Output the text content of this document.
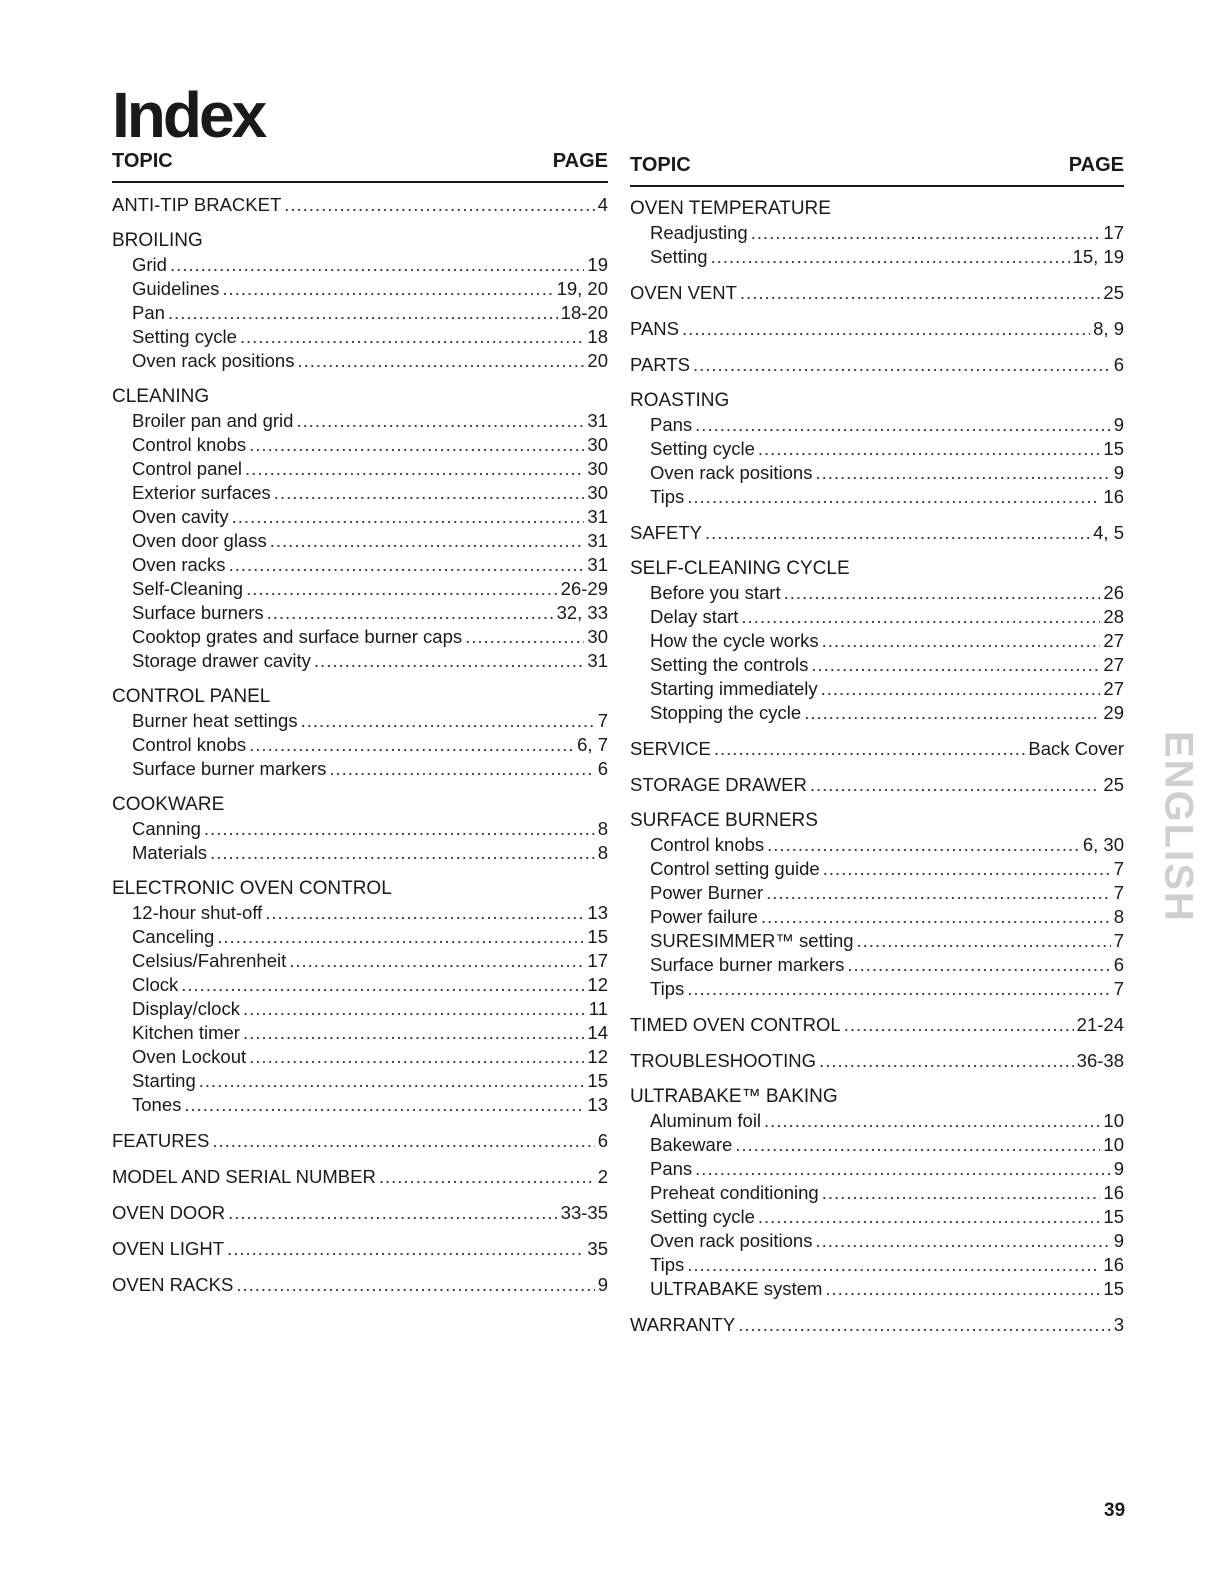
Index
TOPIC	PAGE
ANTI-TIP BRACKET .....	4
BROILING
Grid .....	19
Guidelines .....	19, 20
Pan .....	18-20
Setting cycle .....	18
Oven rack positions .....	20
CLEANING
Broiler pan and grid .....	31
Control knobs .....	30
Control panel .....	30
Exterior surfaces .....	30
Oven cavity .....	31
Oven door glass .....	31
Oven racks .....	31
Self-Cleaning .....	26-29
Surface burners .....	32, 33
Cooktop grates and surface burner caps .....	30
Storage drawer cavity .....	31
CONTROL PANEL
Burner heat settings .....	7
Control knobs .....	6, 7
Surface burner markers .....	6
COOKWARE
Canning .....	8
Materials .....	8
ELECTRONIC OVEN CONTROL
12-hour shut-off .....	13
Canceling .....	15
Celsius/Fahrenheit .....	17
Clock .....	12
Display/clock .....	11
Kitchen timer .....	14
Oven Lockout .....	12
Starting .....	15
Tones .....	13
FEATURES .....	6
MODEL AND SERIAL NUMBER .....	2
OVEN DOOR .....	33-35
OVEN LIGHT .....	35
OVEN RACKS .....	9
TOPIC	PAGE
OVEN TEMPERATURE
Readjusting .....	17
Setting .....	15, 19
OVEN VENT .....	25
PANS .....	8, 9
PARTS .....	6
ROASTING
Pans .....	9
Setting cycle .....	15
Oven rack positions .....	9
Tips .....	16
SAFETY .....	4, 5
SELF-CLEANING CYCLE
Before you start .....	26
Delay start .....	28
How the cycle works .....	27
Setting the controls .....	27
Starting immediately .....	27
Stopping the cycle .....	29
SERVICE .....	Back Cover
STORAGE DRAWER .....	25
SURFACE BURNERS
Control knobs .....	6, 30
Control setting guide .....	7
Power Burner .....	7
Power failure .....	8
SURESIMMER™ setting .....	7
Surface burner markers .....	6
Tips .....	7
TIMED OVEN CONTROL .....	21-24
TROUBLESHOOTING .....	36-38
ULTRABAKE™ BAKING
Aluminum foil .....	10
Bakeware .....	10
Pans .....	9
Preheat conditioning .....	16
Setting cycle .....	15
Oven rack positions .....	9
Tips .....	16
ULTRABAKE system .....	15
WARRANTY .....	3
ENGLISH
39
